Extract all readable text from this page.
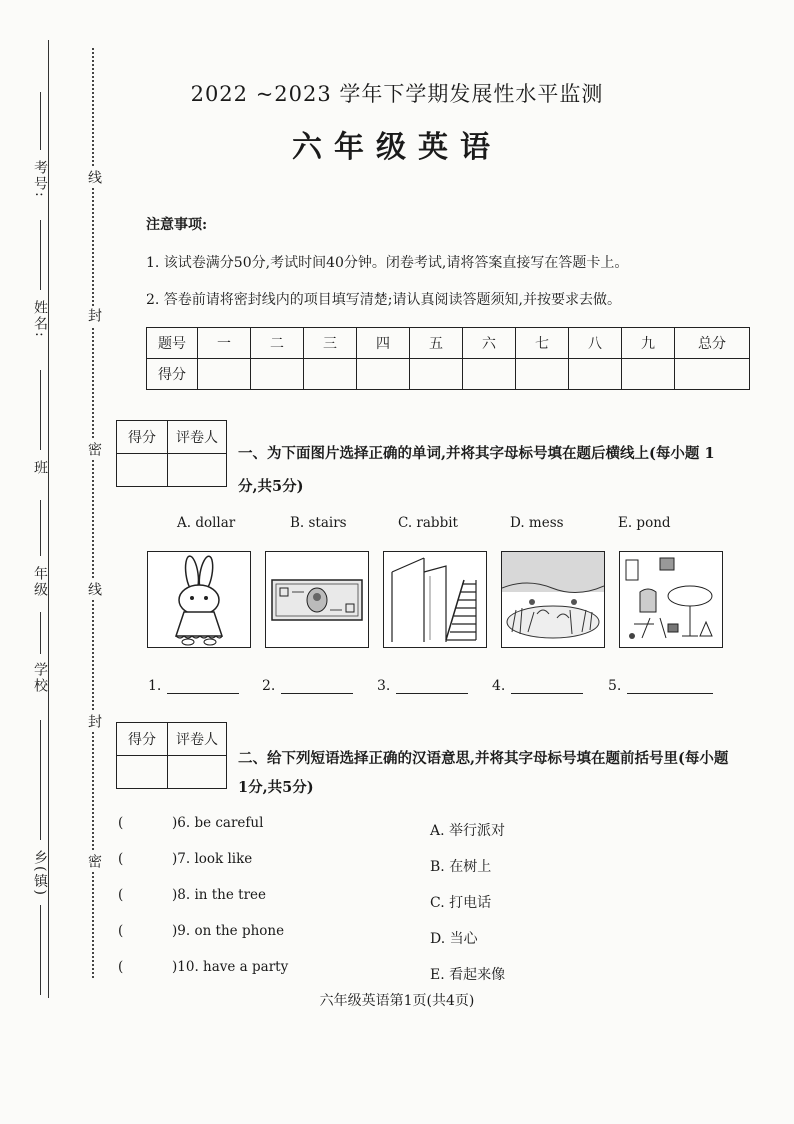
考号:
姓名:
班
年级
学校
乡(镇)
线
封
密
线
封
密
2022 ~2023 学年下学期发展性水平监测
六年级英语
注意事项:
1. 该试卷满分50分,考试时间40分钟。闭卷考试,请将答案直接写在答题卡上。
2. 答卷前请将密封线内的项目填写清楚;请认真阅读答题须知,并按要求去做。
题号	一	二	三	四	五	六	七	八	九	总分
得分										
得分	评卷人

一、为下面图片选择正确的单词,并将其字母标号填在题后横线上(每小题 1
分,共5分)
A. dollar	B. stairs	C. rabbit	D. mess	E. pond
1.	2.	3.	4.	5.
得分	评卷人

二、给下列短语选择正确的汉语意思,并将其字母标号填在题前括号里(每小题
1分,共5分)
(	)6. be careful
(	)7. look like
(	)8. in the tree
(	)9. on the phone
(	)10. have a party
A. 举行派对
B. 在树上
C. 打电话
D. 当心
E. 看起来像
六年级英语第1页(共4页)
